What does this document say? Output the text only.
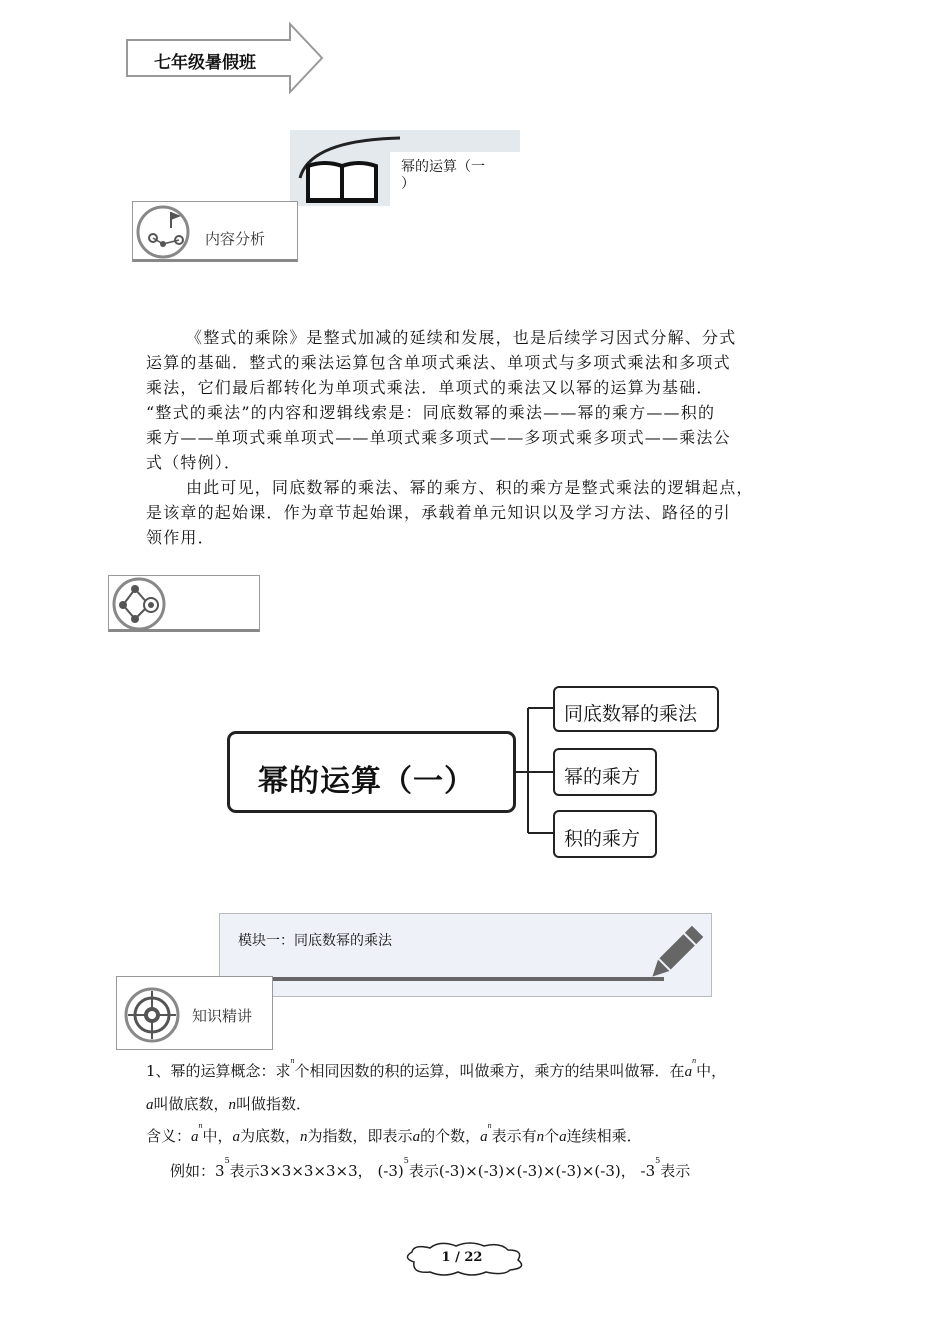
七年级暑假班
幂的运算（一
）
内容分析

《整式的乘除》是整式加减的延续和发展，也是后续学习因式分解、分式

运算的基础．整式的乘法运算包含单项式乘法、单项式与多项式乘法和多项式

乘法，它们最后都转化为单项式乘法．单项式的乘法又以幂的运算为基础．

“整式的乘法”的内容和逻辑线索是：同底数幂的乘法——幂的乘方——积的

乘方——单项式乘单项式——单项式乘多项式——多项式乘多项式——乘法公

式（特例）．

由此可见，同底数幂的乘法、幂的乘方、积的乘方是整式乘法的逻辑起点，

是该章的起始课．作为章节起始课，承载着单元知识以及学习方法、路径的引

领作用．

幂的运算（一）
同底数幂的乘法
幂的乘方
积的乘方
模块一：同底数幂的乘法
知识精讲
1、幂的运算概念：求$^n$个相同因数的积的运算，叫做乘方，乘方的结果叫做幂．在$a^n$中，
a叫做底数，n叫做指数．
含义：$a^n$中，a为底数，n为指数，即表示a的个数，$a^n$表示有n个a连续相乘．
例如：$3^5$表示3×3×3×3×3， $(-3)^5$表示(-3)×(-3)×(-3)×(-3)×(-3)， $-3^5$表示
1 / 22
